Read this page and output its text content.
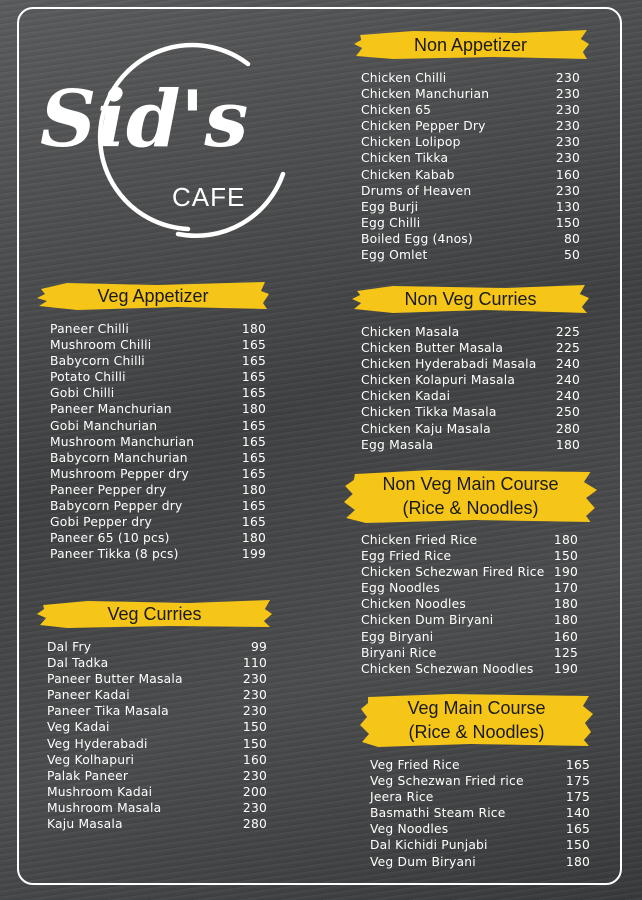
Sid's
CAFE
Veg Appetizer
Paneer Chilli	180
Mushroom Chilli	165
Babycorn Chilli	165
Potato Chilli	165
Gobi Chilli	165
Paneer Manchurian	180
Gobi Manchurian	165
Mushroom Manchurian	165
Babycorn Manchurian	165
Mushroom Pepper dry	165
Paneer Pepper dry	180
Babycorn Pepper dry	165
Gobi Pepper dry	165
Paneer 65 (10 pcs)	180
Paneer Tikka (8 pcs)	199
Veg Curries
Dal Fry	99
Dal Tadka	110
Paneer Butter Masala	230
Paneer Kadai	230
Paneer Tika Masala	230
Veg Kadai	150
Veg Hyderabadi	150
Veg Kolhapuri	160
Palak Paneer	230
Mushroom Kadai	200
Mushroom Masala	230
Kaju Masala	280
Non Appetizer
Chicken Chilli	230
Chicken Manchurian	230
Chicken 65	230
Chicken Pepper Dry	230
Chicken Lolipop	230
Chicken Tikka	230
Chicken Kabab	160
Drums of Heaven	230
Egg Burji	130
Egg Chilli	150
Boiled Egg (4nos)	80
Egg Omlet	50
Non Veg Curries
Chicken Masala	225
Chicken Butter Masala	225
Chicken Hyderabadi Masala 240
Chicken Kolapuri Masala	240
Chicken Kadai	240
Chicken Tikka Masala	250
Chicken Kaju Masala	280
Egg Masala	180
Non Veg Main Course
(Rice & Noodles)
Chicken Fried Rice	180
Egg Fried Rice	150
Chicken Schezwan Fired Rice 190
Egg Noodles	170
Chicken Noodles	180
Chicken Dum Biryani	180
Egg Biryani	160
Biryani Rice	125
Chicken Schezwan Noodles 190
Veg Main Course
(Rice & Noodles)
Veg Fried Rice	165
Veg Schezwan Fried rice	175
Jeera Rice	175
Basmathi Steam Rice	140
Veg Noodles	165
Dal Kichidi Punjabi	150
Veg Dum Biryani	180
